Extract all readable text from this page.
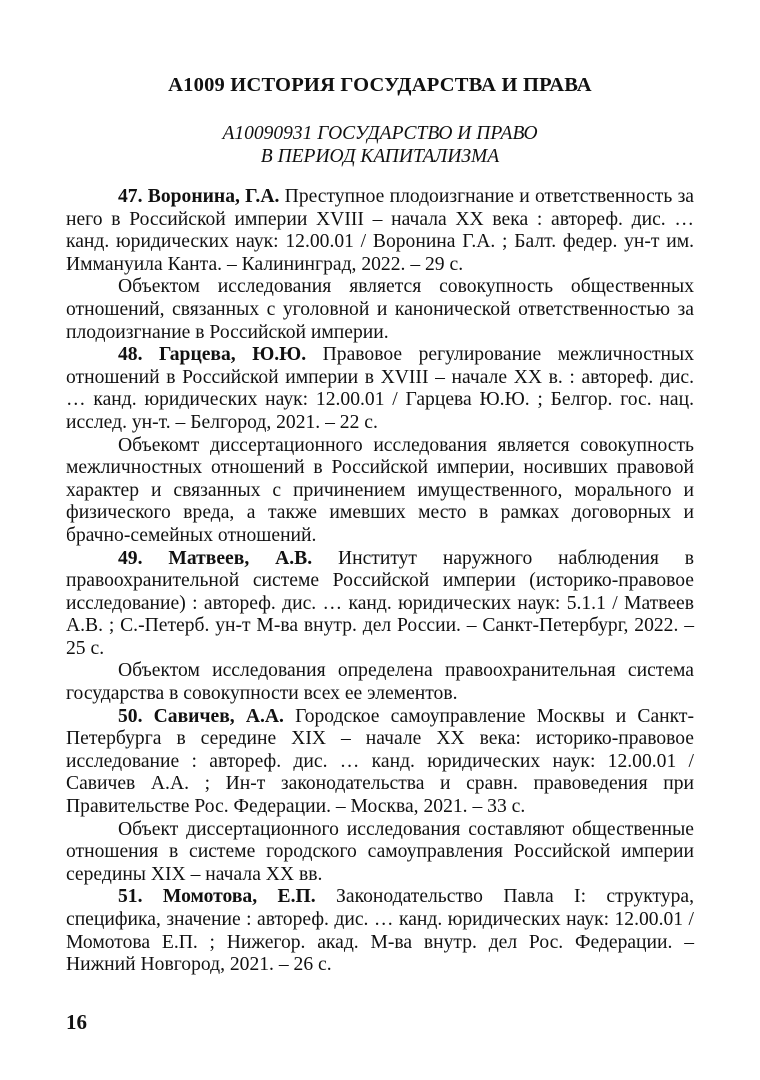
А1009 ИСТОРИЯ ГОСУДАРСТВА И ПРАВА
А10090931 ГОСУДАРСТВО И ПРАВО
В ПЕРИОД КАПИТАЛИЗМА

47. Воронина, Г.А. Преступное плодоизгнание и ответственность за него в Российской империи XVIII – начала XX века : автореф. дис. … канд. юридических наук: 12.00.01 / Воронина Г.А. ; Балт. федер. ун-т им. Иммануила Канта. – Калининград, 2022. – 29 с.

Объектом исследования является совокупность общественных отношений, связанных с уголовной и канонической ответственностью за плодоизгнание в Российской империи.

48. Гарцева, Ю.Ю. Правовое регулирование межличностных отношений в Российской империи в XVIII – начале XX в. : автореф. дис. … канд. юридических наук: 12.00.01 / Гарцева Ю.Ю. ; Белгор. гос. нац. исслед. ун-т. – Белгород, 2021. – 22 с.

Объекомт диссертационного исследования является совокупность межличностных отношений в Российской империи, носивших правовой характер и связанных с причинением имущественного, морального и физического вреда, а также имевших место в рамках договорных и брачно-семейных отношений.

49. Матвеев, А.В. Институт наружного наблюдения в правоохранительной системе Российской империи (историко-правовое исследование) : автореф. дис. … канд. юридических наук: 5.1.1 / Матвеев А.В. ; С.-Петерб. ун-т М-ва внутр. дел России. – Санкт-Петербург, 2022. – 25 с.

Объектом исследования определена правоохранительная система государства в совокупности всех ее элементов.

50. Савичев, А.А. Городское самоуправление Москвы и Санкт-Петербурга в середине XIX – начале XX века: историко-правовое исследование : автореф. дис. … канд. юридических наук: 12.00.01 / Савичев А.А. ; Ин-т законодательства и сравн. правоведения при Правительстве Рос. Федерации. – Москва, 2021. – 33 с.

Объект диссертационного исследования составляют общественные отношения в системе городского самоуправления Российской империи середины XIX – начала XX вв.

51. Момотова, Е.П. Законодательство Павла I: структура, специфика, значение : автореф. дис. … канд. юридических наук: 12.00.01 / Момотова Е.П. ; Нижегор. акад. М-ва внутр. дел Рос. Федерации. – Нижний Новгород, 2021. – 26 с.

16
